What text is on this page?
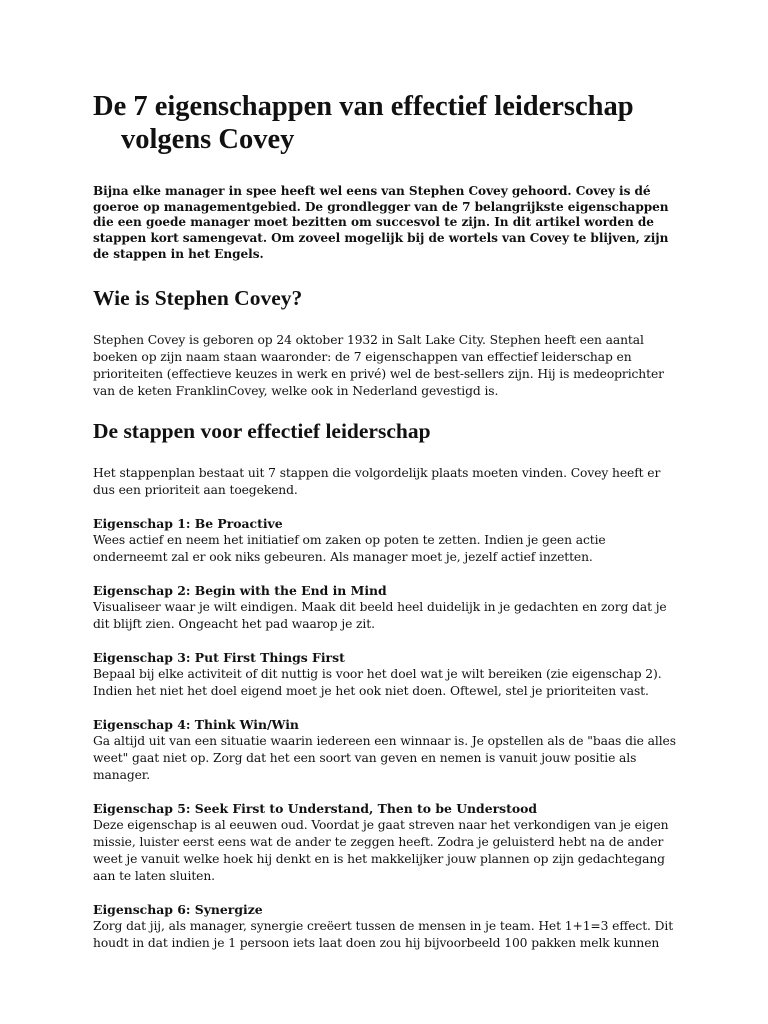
De 7 eigenschappen van effectief leiderschap volgens Covey

Bijna elke manager in spee heeft wel eens van Stephen Covey gehoord. Covey is dé goeroe op managementgebied. De grondlegger van de 7 belangrijkste eigenschappen die een goede manager moet bezitten om succesvol te zijn. In dit artikel worden de stappen kort samengevat. Om zoveel mogelijk bij de wortels van Covey te blijven, zijn de stappen in het Engels.

Wie is Stephen Covey?

Stephen Covey is geboren op 24 oktober 1932 in Salt Lake City. Stephen heeft een aantal boeken op zijn naam staan waaronder: de 7 eigenschappen van effectief leiderschap en prioriteiten (effectieve keuzes in werk en privé) wel de best-sellers zijn. Hij is medeoprichter van de keten FranklinCovey, welke ook in Nederland gevestigd is.

De stappen voor effectief leiderschap

Het stappenplan bestaat uit 7 stappen die volgordelijk plaats moeten vinden. Covey heeft er dus een prioriteit aan toegekend.

Eigenschap 1: Be Proactive
Wees actief en neem het initiatief om zaken op poten te zetten. Indien je geen actie onderneemt zal er ook niks gebeuren. Als manager moet je, jezelf actief inzetten.
Eigenschap 2: Begin with the End in Mind
Visualiseer waar je wilt eindigen. Maak dit beeld heel duidelijk in je gedachten en zorg dat je dit blijft zien. Ongeacht het pad waarop je zit.
Eigenschap 3: Put First Things First
Bepaal bij elke activiteit of dit nuttig is voor het doel wat je wilt bereiken (zie eigenschap 2). Indien het niet het doel eigend moet je het ook niet doen. Oftewel, stel je prioriteiten vast.
Eigenschap 4: Think Win/Win
Ga altijd uit van een situatie waarin iedereen een winnaar is. Je opstellen als de "baas die alles weet" gaat niet op. Zorg dat het een soort van geven en nemen is vanuit jouw positie als manager.
Eigenschap 5: Seek First to Understand, Then to be Understood
Deze eigenschap is al eeuwen oud. Voordat je gaat streven naar het verkondigen van je eigen missie, luister eerst eens wat de ander te zeggen heeft. Zodra je geluisterd hebt na de ander weet je vanuit welke hoek hij denkt en is het makkelijker jouw plannen op zijn gedachtegang aan te laten sluiten.
Eigenschap 6: Synergize
Zorg dat jij, als manager, synergie creëert tussen de mensen in je team. Het 1+1=3 effect. Dit houdt in dat indien je 1 persoon iets laat doen zou hij bijvoorbeeld 100 pakken melk kunnen
